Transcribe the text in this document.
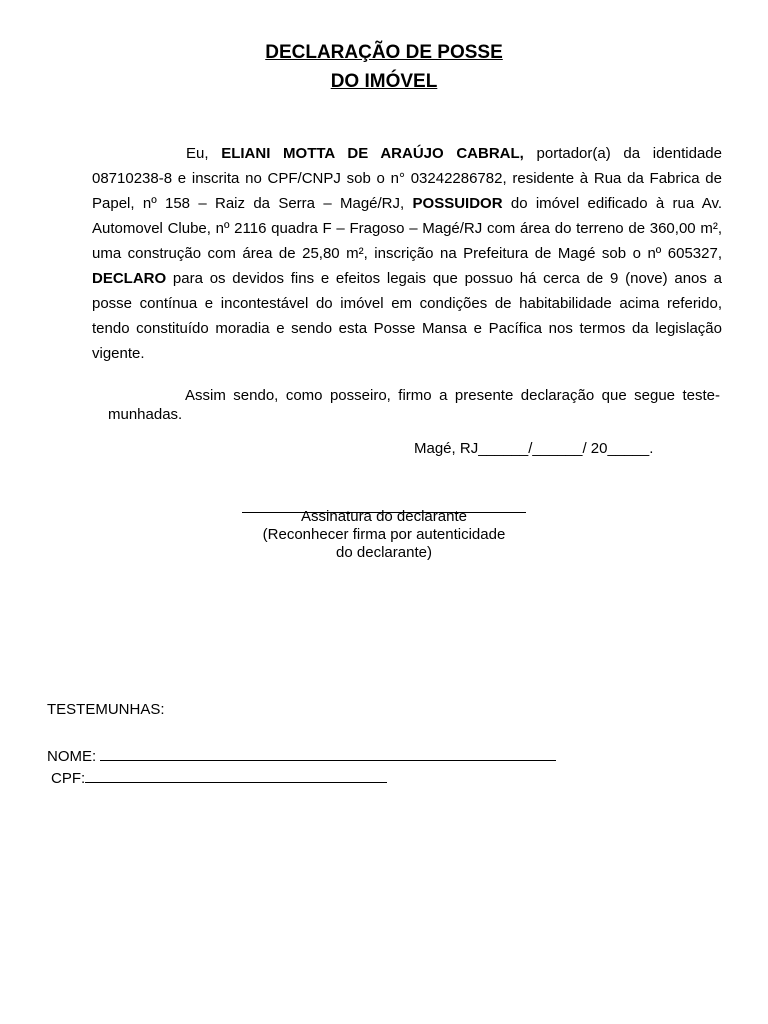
DECLARAÇÃO DE POSSE
DO IMÓVEL

Eu, ELIANI MOTTA DE ARAÚJO CABRAL, portador(a) da identidade 08710238-8 e inscrita no CPF/CNPJ sob o n° 03242286782, residente à Rua da Fabrica de Papel, nº 158 – Raiz da Serra – Magé/RJ, POSSUIDOR do imóvel edificado à rua Av. Automovel Clube, nº 2116 quadra F – Fragoso – Magé/RJ com área do terreno de 360,00 m², uma construção com área de 25,80 m², inscrição na Prefeitura de Magé sob o nº 605327, DECLARO para os devidos fins e efeitos legais que possuo há cerca de 9 (nove) anos a posse contínua e incontestável do imóvel em condições de habitabilidade acima referido, tendo constituído moradia e sendo esta Posse Mansa e Pacífica nos termos da legislação vigente.

Assim sendo, como posseiro, firmo a presente declaração que segue teste-munhadas.

Magé, RJ______/______/ 20_____.
Assinatura do declarante
(Reconhecer firma por autenticidade
do declarante)
TESTEMUNHAS:
NOME:
CPF:
